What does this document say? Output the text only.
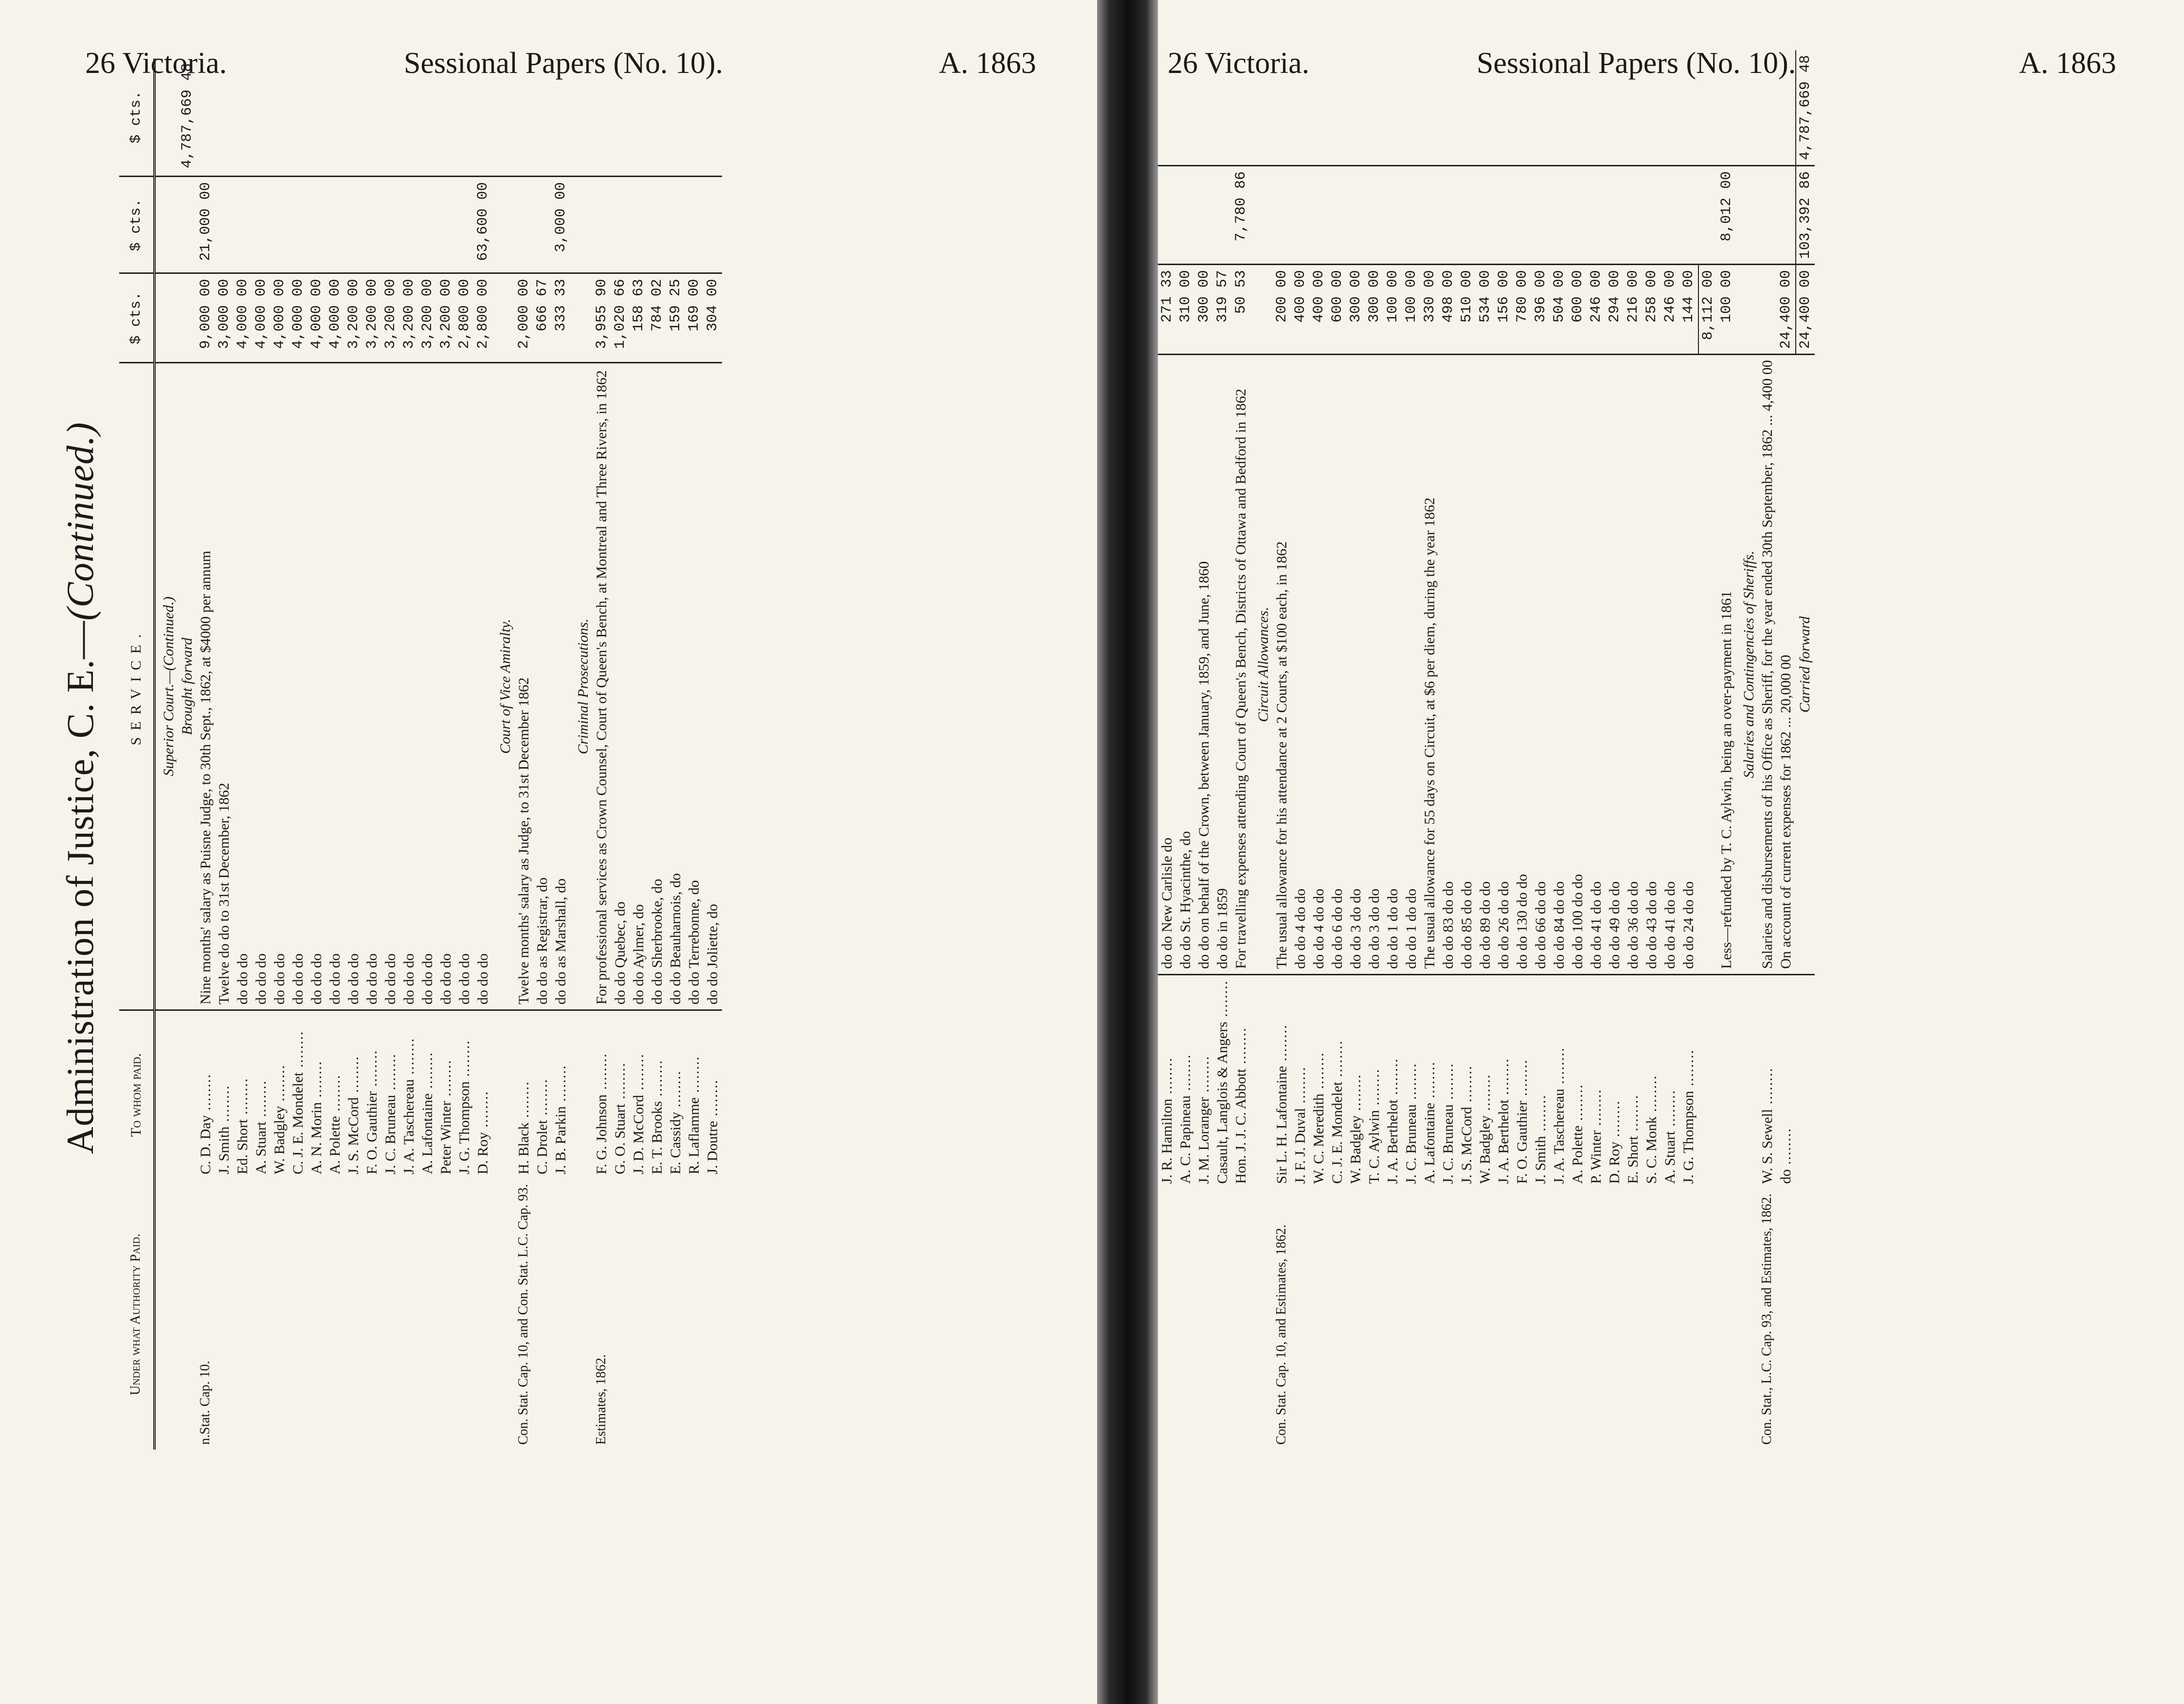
26 Victoria.	Sessional Papers (No. 10).	A. 1863
Administration of Justice, C. E.—(Continued.)
Under what Authority Paid.	To whom paid.	SERVICE.	$ cts.	$ cts.	$ cts.
		Superior Court.—(Continued.)			
		Brought forward			4,787,669 48
n.Stat. Cap. 10.	C. D. Day .....	Nine months' salary as Puisne Judge, to 30th Sept., 1862, at $4000 per annum	9,000 00	21,000 00	
	J. Smith .....	Twelve do do to 31st December, 1862	3,000 00		
	Ed. Short .....	do do do	4,000 00		
	A. Stuart .....	do do do	4,000 00		
	W. Badgley .....	do do do	4,000 00		
	C. J. E. Mondelet .....	do do do	4,000 00		
	A. N. Morin .....	do do do	4,000 00		
	A. Polette .....	do do do	4,000 00		
	J. S. McCord .....	do do do	3,200 00		
	F. O. Gauthier .....	do do do	3,200 00		
	J. C. Bruneau .....	do do do	3,200 00		
	J. A. Taschereau .....	do do do	3,200 00		
	A. Lafontaine .....	do do do	3,200 00		
	Peter Winter .....	do do do	3,200 00		
	J. G. Thompson .....	do do do	2,800 00		
	D. Roy .....	do do do	2,800 00	63,600 00	
		Court of Vice Amiralty.			
Con. Stat. Cap. 10, and Con. Stat. L.C. Cap. 93.	H. Black .....	Twelve months' salary as Judge, to 31st December 1862	2,000 00		
	C. Drolet .....	do do as Registrar, do	666 67		
	J. B. Parkin .....	do do as Marshall, do	333 33	3,000 00	
		Criminal Prosecutions.			
Estimates, 1862.	F. G. Johnson .....	For professional services as Crown Counsel, Court of Queen's Bench, at Montreal and Three Rivers, in 1862	3,955 90		
	G. O. Stuart .....	do do Quebec, do	1,020 66		
	J. D. McCord .....	do do Aylmer, do	158 63		
	E. T. Brooks .....	do do Sherbrooke, do	784 02		
	E. Cassidy .....	do do Beauharnois, do	159 25		
	R. Laflamme .....	do do Terrebonne, do	169 00		
	J. Doutre .....	do do Joliette, do	304 00		
26 Victoria.	Sessional Papers (No. 10).	A. 1863
	J. R. Hamilton .....	do do New Carlisle do	271 33		
	A. C. Papineau .....	do do St. Hyacinthe, do	310 00		
	J. M. Loranger .....	do do on behalf of the Crown, between January, 1859, and June, 1860	300 00		
	Casault, Langlois & Angers .....	do do in 1859	319 57		
	Hon. J. J. C. Abbott .....	For travelling expenses attending Court of Queen's Bench, Districts of Ottawa and Bedford in 1862	50 53	7,780 86	
		Circuit Allowances.			
Con. Stat. Cap. 10, and Estimates, 1862.	Sir L. H. Lafontaine .....	The usual allowance for his attendance at 2 Courts, at $100 each, in 1862	200 00		
	J. F. J. Duval .....	do do 4 do do	400 00		
	W. C. Meredith .....	do do 4 do do	400 00		
	C. J. E. Mondelet .....	do do 6 do do	600 00		
	W. Badgley .....	do do 3 do do	300 00		
	T. C. Aylwin .....	do do 3 do do	300 00		
	J. A. Berthelot .....	do do 1 do do	100 00		
	J. C. Bruneau .....	do do 1 do do	100 00		
	A. Lafontaine .....	The usual allowance for 55 days on Circuit, at $6 per diem, during the year 1862	330 00		
	J. C. Bruneau .....	do do 83 do do	498 00		
	J. S. McCord .....	do do 85 do do	510 00		
	W. Badgley .....	do do 89 do do	534 00		
	J. A. Berthelot .....	do do 26 do do	156 00		
	F. O. Gauthier .....	do do 130 do do	780 00		
	J. Smith .....	do do 66 do do	396 00		
	J. A. Taschereau .....	do do 84 do do	504 00		
	A. Polette .....	do do 100 do do	600 00		
	P. Winter .....	do do 41 do do	246 00		
	D. Roy .....	do do 49 do do	294 00		
	E. Short .....	do do 36 do do	216 00		
	S. C. Monk .....	do do 43 do do	258 00		
	A. Stuart .....	do do 41 do do	246 00		
	J. G. Thompson .....	do do 24 do do	144 00		
			8,112 00		
		Less—refunded by T. C. Aylwin, being an over-payment in 1861	100 00	8,012 00	
		Salaries and Contingencies of Sheriffs.			
Con. Stat., L.C. Cap. 93, and Estimates, 1862.	W. S. Sewell .....	Salaries and disbursements of his Office as Sheriff, for the year ended 30th September, 1862 ... 4,400 00			
	do .....	On account of current expenses for 1862 ... 20,000 00	24,400 00		
		Carried forward	24,400 00	103,392 86	4,787,669 48
